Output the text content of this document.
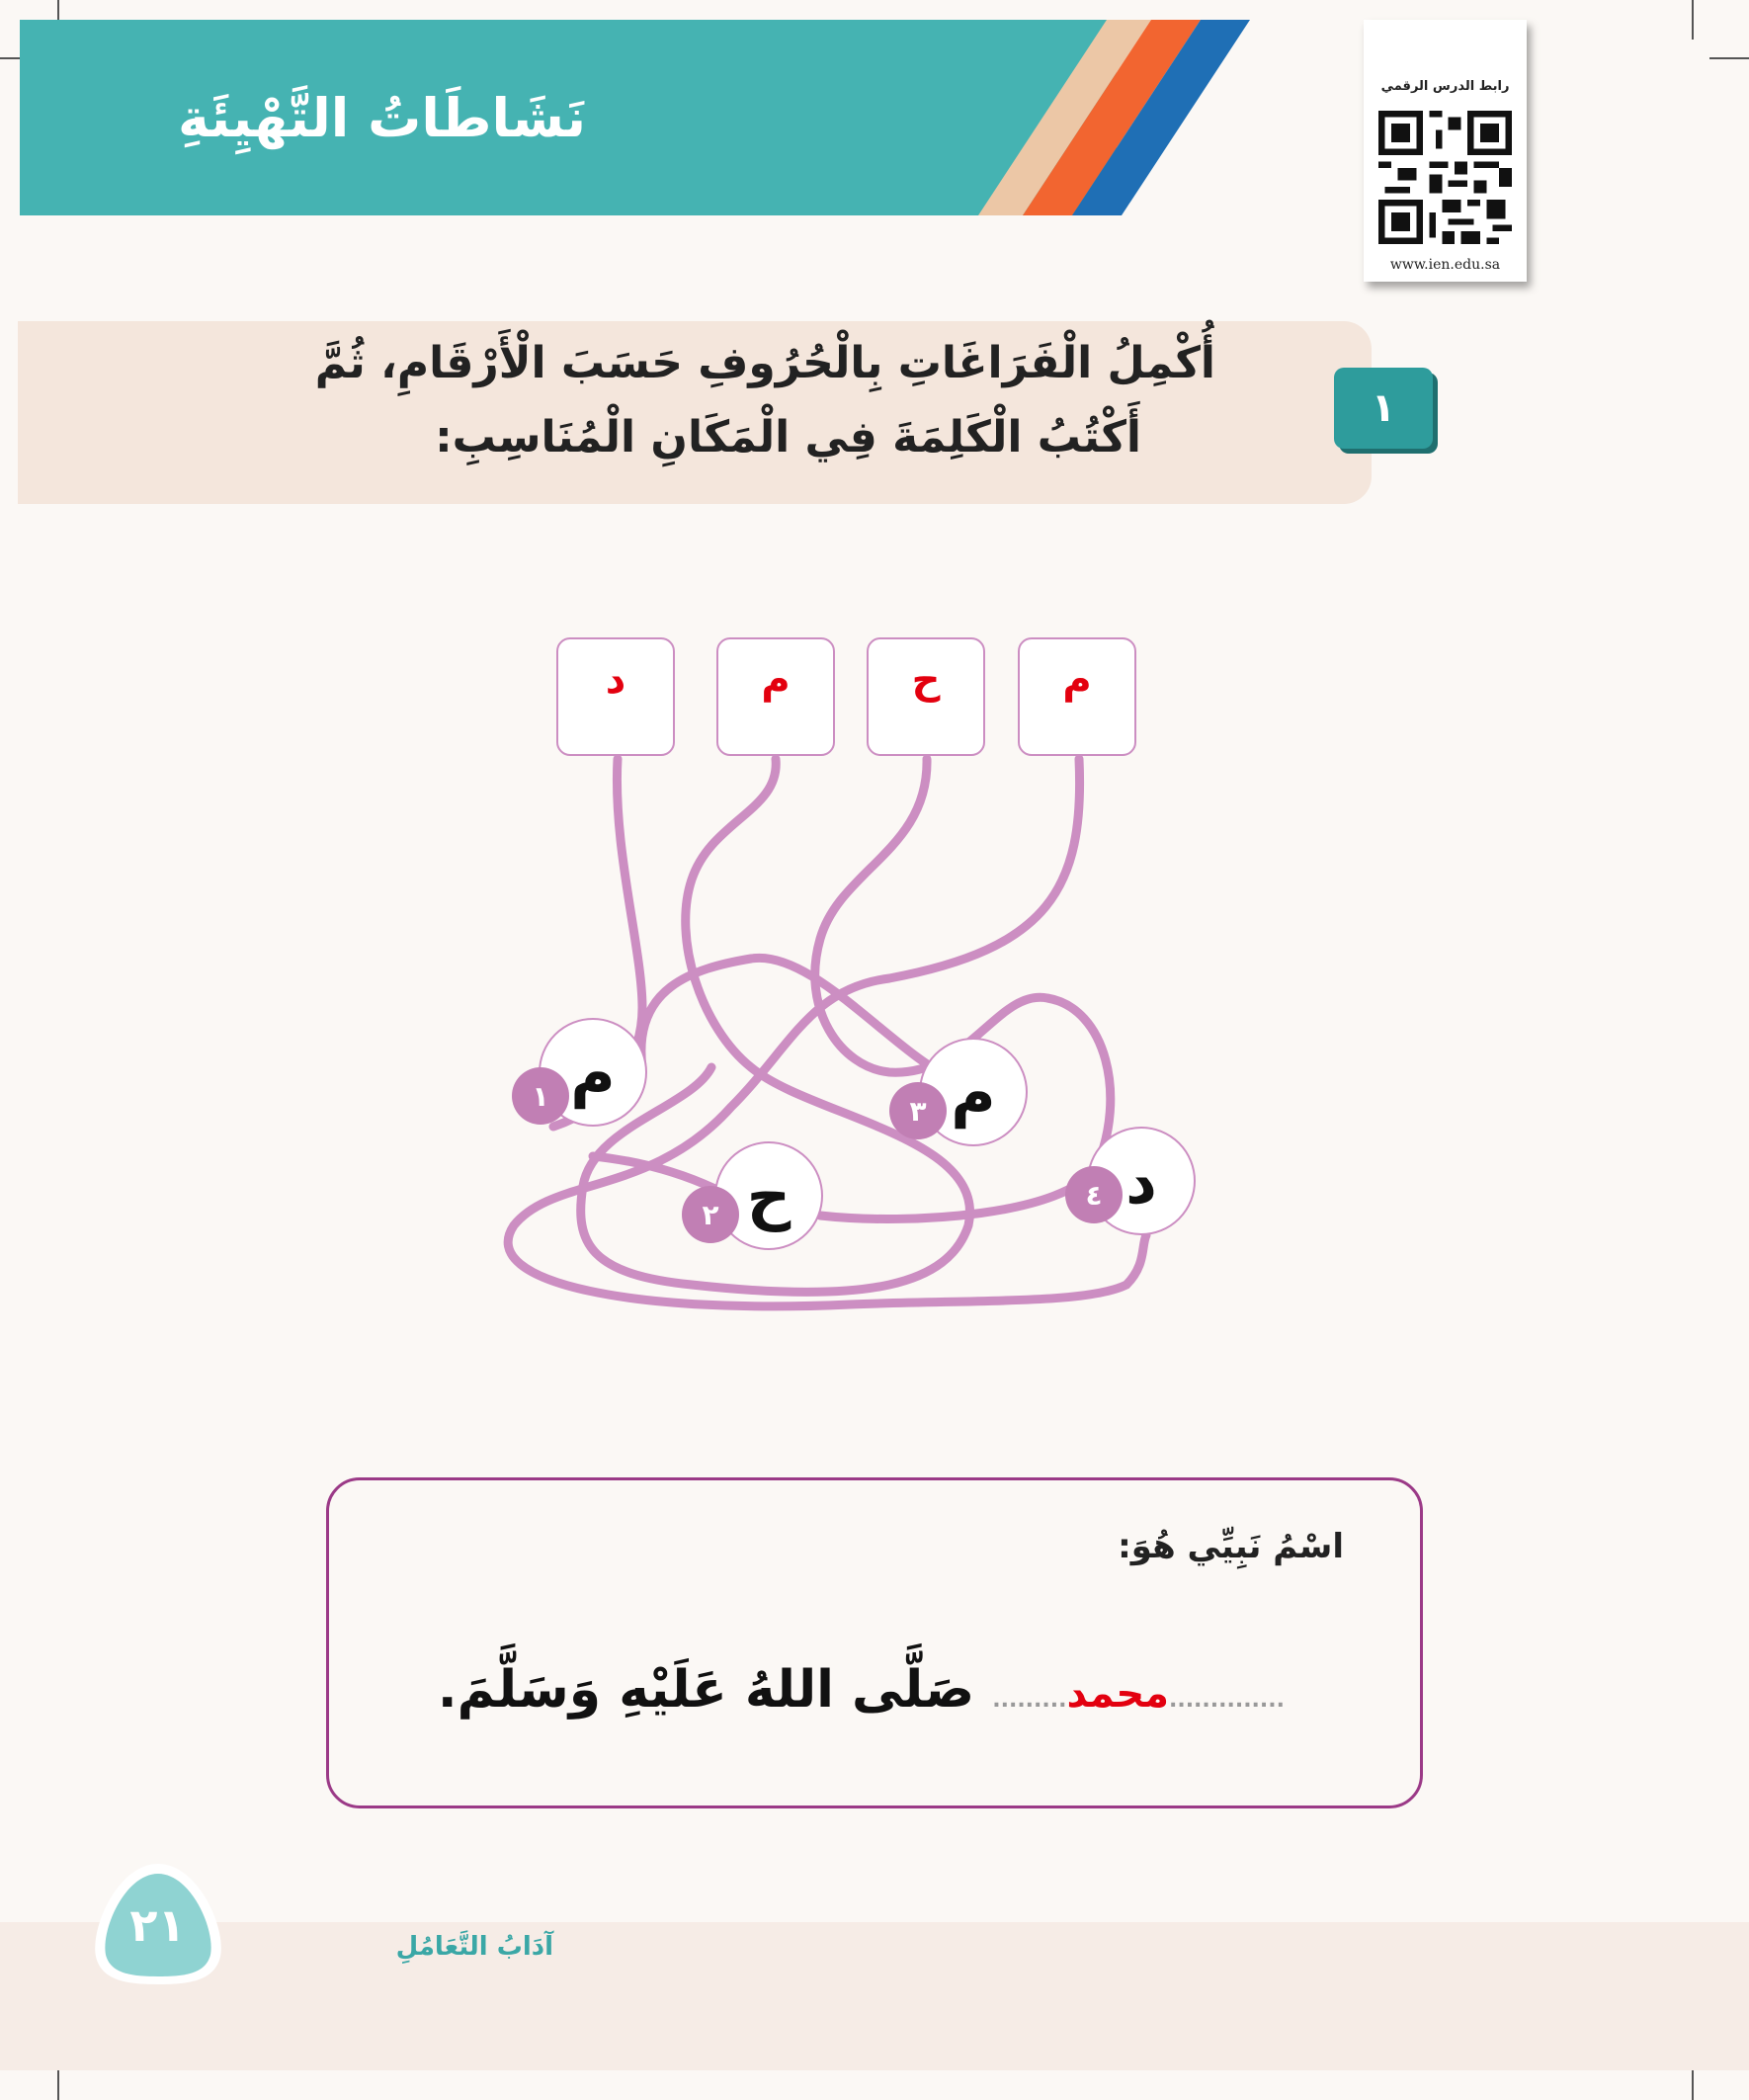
نَشَاطَاتُ التَّهْيِئَةِ	رابط الدرس الرقمي
www.ien.edu.sa
أُكْمِلُ الْفَرَاغَاتِ بِالْحُرُوفِ حَسَبَ الْأَرْقَامِ، ثُمَّ
أَكْتُبُ الْكَلِمَةَ فِي الْمَكَانِ الْمُنَاسِبِ:
١
م
ح
م
د
م
١
ح
٢
م
٣
د
٤
اسْمُ نَبِيِّي هُوَ:
..............محمد......... صَلَّى اللهُ عَلَيْهِ وَسَلَّمَ.
٢١	آدَابُ التَّعَامُلِ
